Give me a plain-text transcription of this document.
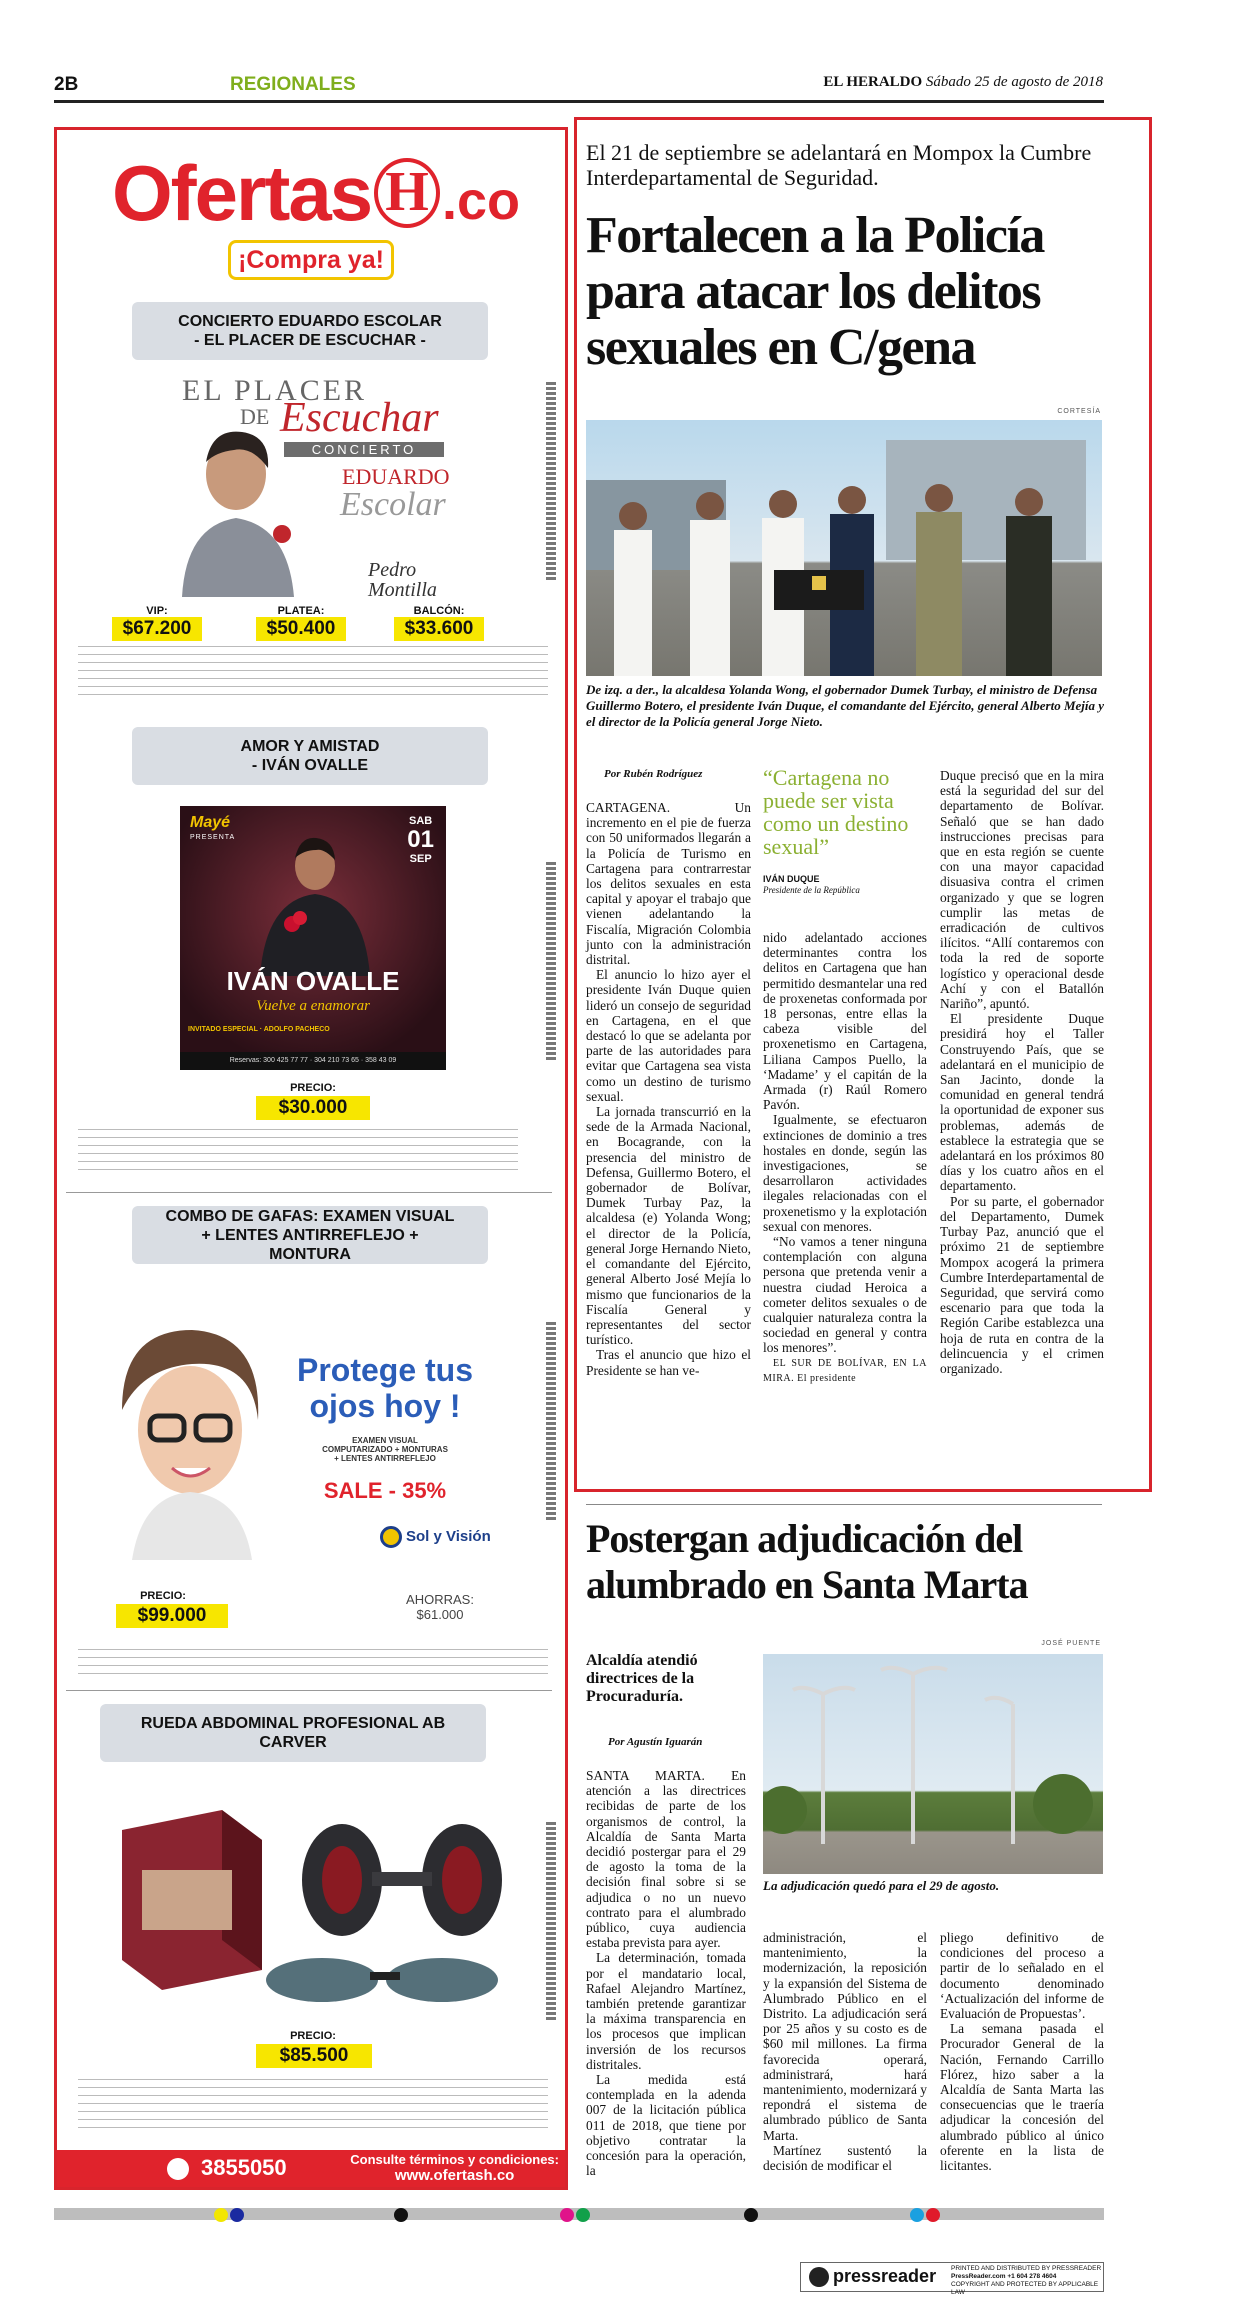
2B	REGIONALES	EL HERALDO Sábado 25 de agosto de 2018
Ofertas H .co
¡Compra ya!
CONCIERTO EDUARDO ESCOLAR
- EL PLACER DE ESCUCHAR -
EL PLACER
DE Escuchar
CONCIERTO
EDUARDO
Escolar
Pedro
Montilla
VIP:
$67.200
PLATEA:
$50.400
BALCÓN:
$33.600
AMOR Y AMISTAD
- IVÁN OVALLE
Mayé
PRESENTA
SAB
01
SEP
IVÁN OVALLE
Vuelve a enamorar
INVITADO ESPECIAL · ADOLFO PACHECO
Reservas: 300 425 77 77 · 304 210 73 65 · 358 43 09
PRECIO:
$30.000
COMBO DE GAFAS: EXAMEN VISUAL
+ LENTES ANTIRREFLEJO +
MONTURA
Protege tus
ojos hoy !
EXAMEN VISUAL
COMPUTARIZADO + MONTURAS
+ LENTES ANTIRREFLEJO
SALE - 35%
Sol y Visión
PRECIO:
$99.000
AHORRAS:
$61.000
RUEDA ABDOMINAL PROFESIONAL AB
CARVER
PRECIO:
$85.500
3855050	Consulte términos y condiciones:
www.ofertash.co
El 21 de septiembre se adelantará en Mompox la Cumbre Interdepartamental de Seguridad.
Fortalecen a la Policía para atacar los delitos sexuales en C/gena
CORTESÍA
De izq. a der., la alcaldesa Yolanda Wong, el gobernador Dumek Turbay, el ministro de Defensa Guillermo Botero, el presidente Iván Duque, el comandante del Ejército, general Alberto Mejía y el director de la Policía general Jorge Nieto.
Por Rubén Rodríguez

CARTAGENA. Un incremento en el pie de fuerza con 50 uniformados llegarán a la Policía de Turismo en Cartagena para contrarrestar los delitos sexuales en esta capital y apoyar el trabajo que vienen adelantando la Fiscalía, Migración Colombia junto con la administración distrital.

El anuncio lo hizo ayer el presidente Iván Duque quien lideró un consejo de seguridad en Cartagena, en el que destacó lo que se adelanta por parte de las autoridades para evitar que Cartagena sea vista como un destino de turismo sexual.

La jornada transcurrió en la sede de la Armada Nacional, en Bocagrande, con la presencia del ministro de Defensa, Guillermo Botero, el gobernador de Bolívar, Dumek Turbay Paz, la alcaldesa (e) Yolanda Wong; el director de la Policía, general Jorge Hernando Nieto, el comandante del Ejército, general Alberto José Mejía lo mismo que funcionarios de la Fiscalía General y representantes del sector turístico.

Tras el anuncio que hizo el Presidente se han ve-

“Cartagena no puede ser vista como un destino sexual”
IVÁN DUQUE
Presidente de la República

nido adelantado acciones determinantes contra los delitos en Cartagena que han permitido desmantelar una red de proxenetas conformada por 18 personas, entre ellas la cabeza visible del proxenetismo en Cartagena, Liliana Campos Puello, la ‘Madame’ y el capitán de la Armada (r) Raúl Romero Pavón.

Igualmente, se efectuaron extinciones de dominio a tres hostales en donde, según las investigaciones, se desarrollaron actividades ilegales relacionadas con el proxenetismo y la explotación sexual con menores.

“No vamos a tener ninguna contemplación con alguna persona que pretenda venir a nuestra ciudad Heroica a cometer delitos sexuales o de cualquier naturaleza contra la sociedad en general y contra los menores”.

EL SUR DE BOLÍVAR, EN LA MIRA. El presidente

Duque precisó que en la mira está la seguridad del sur del departamento de Bolívar. Señaló que se han dado instrucciones precisas para que en esta región se cuente con una mayor capacidad disuasiva contra el crimen organizado y que se logren cumplir las metas de erradicación de cultivos ilícitos. “Allí contaremos con toda la red de soporte logístico y operacional desde Achí y con el Batallón Nariño”, apuntó.

El presidente Duque presidirá hoy el Taller Construyendo País, que se adelantará en el municipio de San Jacinto, donde la comunidad en general tendrá la oportunidad de exponer sus problemas, además de establece la estrategia que se adelantará en los próximos 80 días y los cuatro años en el departamento.

Por su parte, el gobernador del Departamento, Dumek Turbay Paz, anunció que el próximo 21 de septiembre Mompox acogerá la primera Cumbre Interdepartamental de Seguridad, que servirá como escenario para que toda la Región Caribe establezca una hoja de ruta en contra de la delincuencia y el crimen organizado.

Postergan adjudicación del alumbrado en Santa Marta
JOSÉ PUENTE
Alcaldía atendió directrices de la Procuraduría.
Por Agustín Iguarán
La adjudicación quedó para el 29 de agosto.

SANTA MARTA. En atención a las directrices recibidas de parte de los organismos de control, la Alcaldía de Santa Marta decidió postergar para el 29 de agosto la toma de la decisión final sobre si se adjudica o no un nuevo contrato para el alumbrado público, cuya audiencia estaba prevista para ayer.

La determinación, tomada por el mandatario local, Rafael Alejandro Martínez, también pretende garantizar la máxima transparencia en los procesos que implican inversión de los recursos distritales.

La medida está contemplada en la adenda 007 de la licitación pública 011 de 2018, que tiene por objetivo contratar la concesión para la operación, la

administración, el mantenimiento, la modernización, la reposición y la expansión del Sistema de Alumbrado Público en el Distrito. La adjudicación será por 25 años y su costo es de $60 mil millones. La firma favorecida operará, administrará, hará mantenimiento, modernizará y repondrá el sistema de alumbrado público de Santa Marta.

Martínez sustentó la decisión de modificar el

pliego definitivo de condiciones del proceso a partir de lo señalado en el documento denominado ‘Actualización del informe de Evaluación de Propuestas’.

La semana pasada el Procurador General de la Nación, Fernando Carrillo Flórez, hizo saber a la Alcaldía de Santa Marta las consecuencias que le traería adjudicar la concesión del alumbrado público al único oferente en la lista de licitantes.

pressreader PRINTED AND DISTRIBUTED BY PRESSREADER
PressReader.com +1 604 278 4604
COPYRIGHT AND PROTECTED BY APPLICABLE LAW
